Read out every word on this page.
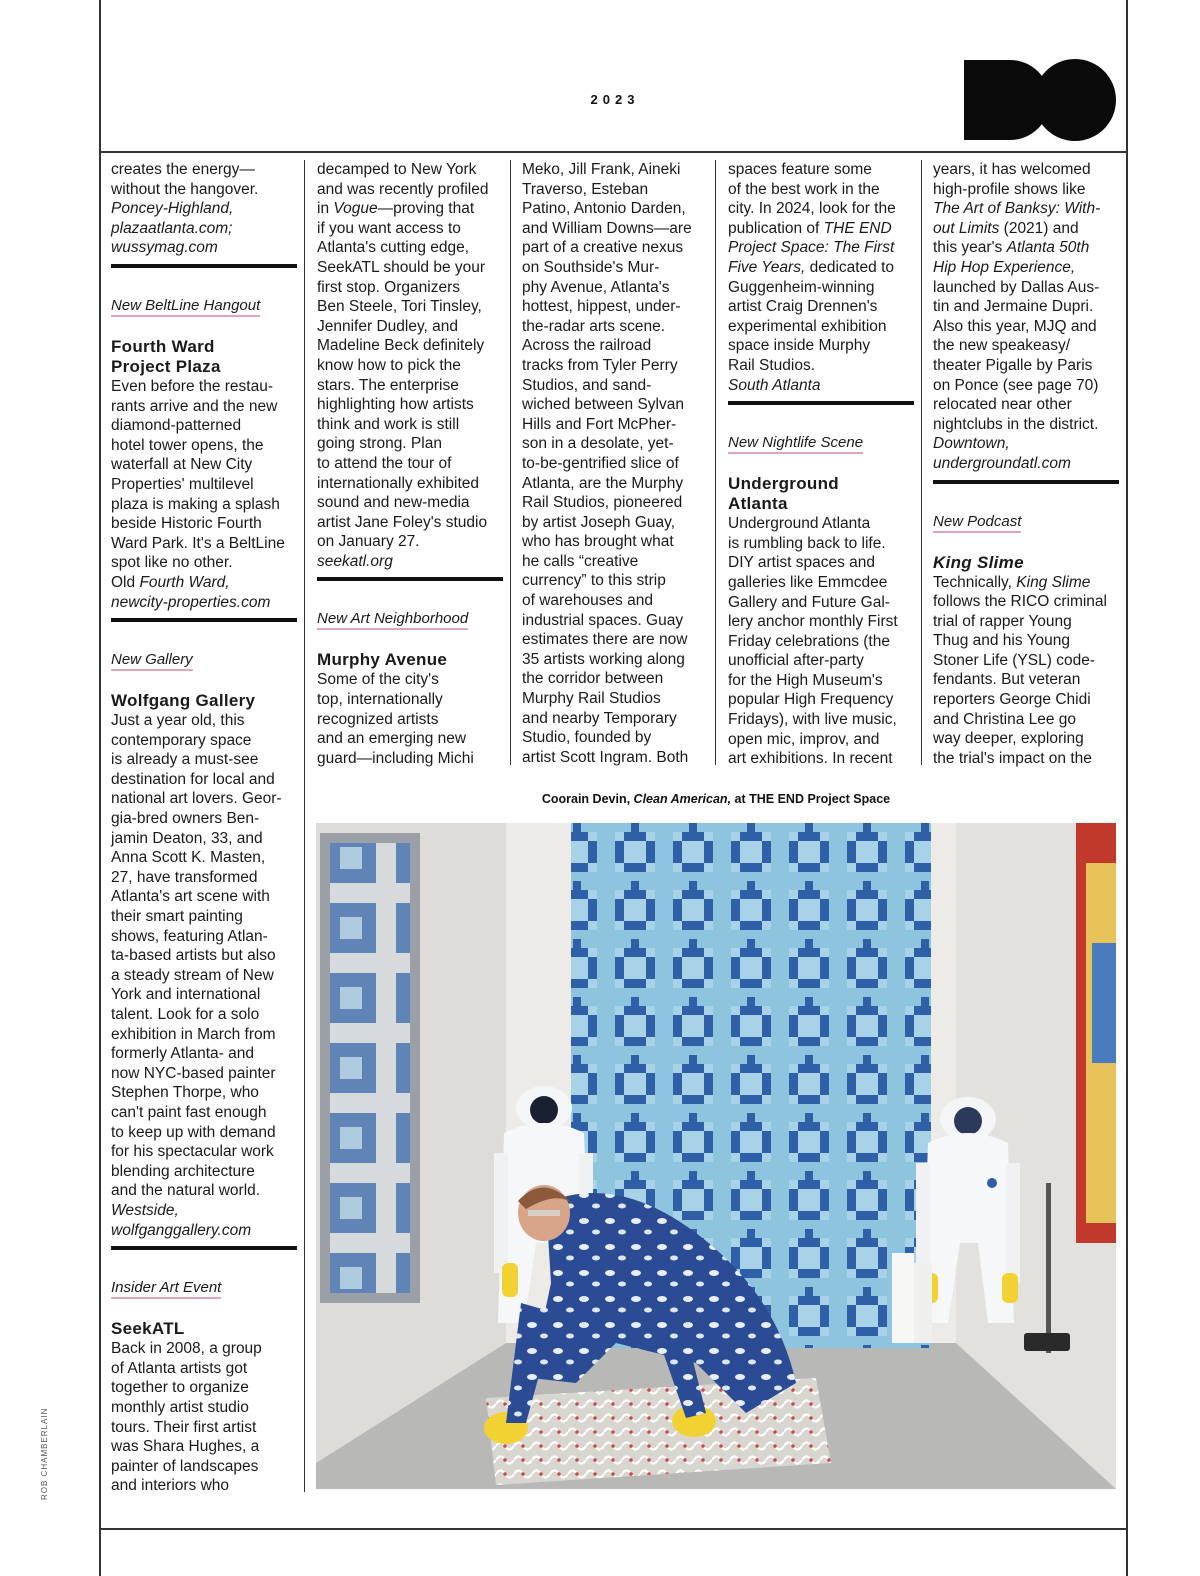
2023
ROB CHAMBERLAIN

creates the energy—

without the hangover.

Poncey-Highland,

plazaatlanta.com;

wussymag.com

New BeltLine Hangout
Fourth Ward
Project Plaza

Even before the restau-

rants arrive and the new

diamond-patterned

hotel tower opens, the

waterfall at New City

Properties' multilevel

plaza is making a splash

beside Historic Fourth

Ward Park. It's a BeltLine

spot like no other.

Old Fourth Ward,

newcity-properties.com

New Gallery
Wolfgang Gallery

Just a year old, this

contemporary space

is already a must-see

destination for local and

national art lovers. Geor-

gia-bred owners Ben-

jamin Deaton, 33, and

Anna Scott K. Masten,

27, have transformed

Atlanta's art scene with

their smart painting

shows, featuring Atlan-

ta-based artists but also

a steady stream of New

York and international

talent. Look for a solo

exhibition in March from

formerly Atlanta- and

now NYC-based painter

Stephen Thorpe, who

can't paint fast enough

to keep up with demand

for his spectacular work

blending architecture

and the natural world.

Westside,

wolfganggallery.com

Insider Art Event
SeekATL

Back in 2008, a group

of Atlanta artists got

together to organize

monthly artist studio

tours. Their first artist

was Shara Hughes, a

painter of landscapes

and interiors who

decamped to New York

and was recently profiled

in Vogue—proving that

if you want access to

Atlanta's cutting edge,

SeekATL should be your

first stop. Organizers

Ben Steele, Tori Tinsley,

Jennifer Dudley, and

Madeline Beck definitely

know how to pick the

stars. The enterprise

highlighting how artists

think and work is still

going strong. Plan

to attend the tour of

internationally exhibited

sound and new-media

artist Jane Foley's studio

on January 27.

seekatl.org

New Art Neighborhood
Murphy Avenue

Some of the city's

top, internationally

recognized artists

and an emerging new

guard—including Michi

Meko, Jill Frank, Aineki

Traverso, Esteban

Patino, Antonio Darden,

and William Downs—are

part of a creative nexus

on Southside's Mur-

phy Avenue, Atlanta's

hottest, hippest, under-

the-radar arts scene.

Across the railroad

tracks from Tyler Perry

Studios, and sand-

wiched between Sylvan

Hills and Fort McPher-

son in a desolate, yet-

to-be-gentrified slice of

Atlanta, are the Murphy

Rail Studios, pioneered

by artist Joseph Guay,

who has brought what

he calls “creative

currency” to this strip

of warehouses and

industrial spaces. Guay

estimates there are now

35 artists working along

the corridor between

Murphy Rail Studios

and nearby Temporary

Studio, founded by

artist Scott Ingram. Both

spaces feature some

of the best work in the

city. In 2024, look for the

publication of THE END

Project Space: The First

Five Years, dedicated to

Guggenheim-winning

artist Craig Drennen's

experimental exhibition

space inside Murphy

Rail Studios.

South Atlanta

New Nightlife Scene
Underground
Atlanta

Underground Atlanta

is rumbling back to life.

DIY artist spaces and

galleries like Emmcdee

Gallery and Future Gal-

lery anchor monthly First

Friday celebrations (the

unofficial after-party

for the High Museum's

popular High Frequency

Fridays), with live music,

open mic, improv, and

art exhibitions. In recent

years, it has welcomed

high-profile shows like

The Art of Banksy: With-

out Limits (2021) and

this year's Atlanta 50th

Hip Hop Experience,

launched by Dallas Aus-

tin and Jermaine Dupri.

Also this year, MJQ and

the new speakeasy/

theater Pigalle by Paris

on Ponce (see page 70)

relocated near other

nightclubs in the district.

Downtown,

undergroundatl.com

New Podcast
King Slime

Technically, King Slime

follows the RICO criminal

trial of rapper Young

Thug and his Young

Stoner Life (YSL) code-

fendants. But veteran

reporters George Chidi

and Christina Lee go

way deeper, exploring

the trial's impact on the

Coorain Devin, Clean American, at THE END Project Space
